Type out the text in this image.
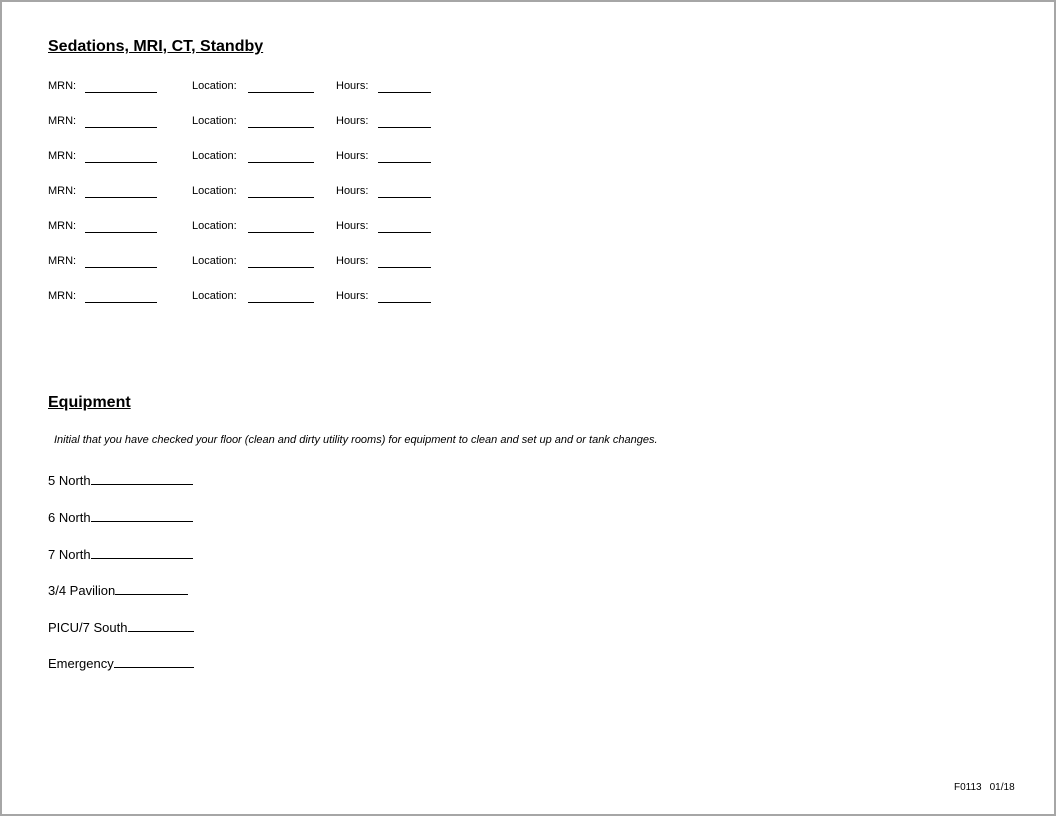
Sedations, MRI, CT, Standby
MRN:	Location:	Hours:
MRN:	Location:	Hours:
MRN:	Location:	Hours:
MRN:	Location:	Hours:
MRN:	Location:	Hours:
MRN:	Location:	Hours:
MRN:	Location:	Hours:
Equipment
Initial that you have checked your floor (clean and dirty utility rooms) for equipment to clean and set up and or tank changes.
5 North
6 North
7 North
3/4 Pavilion
PICU/7 South
Emergency
F0113 01/18
